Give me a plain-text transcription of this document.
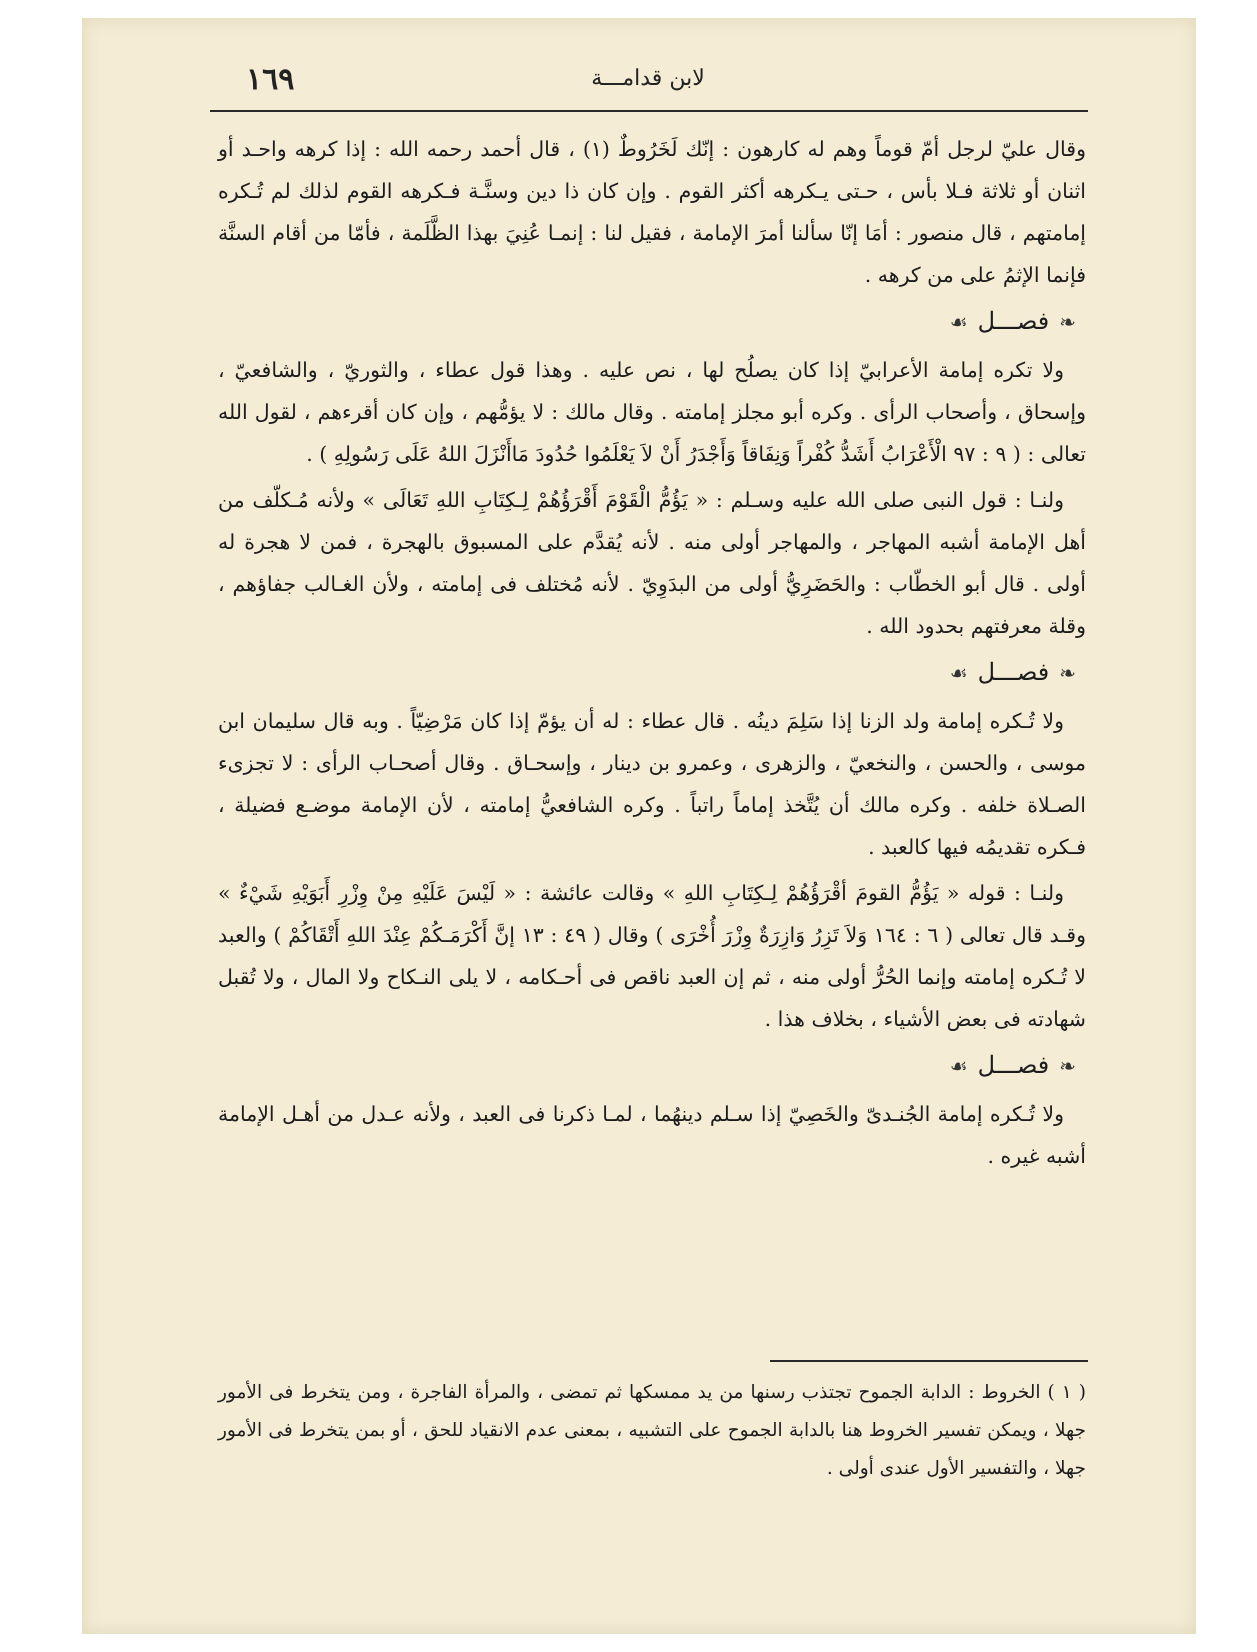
لابن قدامـــة
١٦٩

وقال عليّ لرجل أمّ قوماً وهم له كارهون : إنّك لَخَرُوطٌ (١) ، قال أحمد رحمه الله : إذا كرهه واحـد أو اثنان أو ثلاثة فـلا بأس ، حـتى يـكرهه أكثر القوم . وإن كان ذا دين وسنَّـة فـكرهه القوم لذلك لم تُـكره إمامتهم ، قال منصور : أمَا إنّا سألنا أمرَ الإمامة ، فقيل لنا : إنمـا عُنِيَ بهذا الظَّلَمة ، فأمّا من أقام السنَّة فإنما الإثمُ على من كرهه .

❧فصـــل☙

ولا تكره إمامة الأعرابيّ إذا كان يصلُح لها ، نص عليه . وهذا قول عطاء ، والثوريّ ، والشافعيّ ، وإسحاق ، وأصحاب الرأى . وكره أبو مجلز إمامته . وقال مالك : لا يؤمُّهم ، وإن كان أقرءهم ، لقول الله تعالى : ( ٩ : ٩٧ الْأَعْرَابُ أَشَدُّ كُفْراً وَنِفَاقاً وَأَجْدَرُ أَنْ لاَ يَعْلَمُوا حُدُودَ مَاأَنْزَلَ اللهُ عَلَى رَسُولِهِ ) .

ولنـا : قول النبى صلى الله عليه وسـلم : « يَؤُمُّ الْقَوْمَ أَقْرَؤُهُمْ لِـكِتَابِ اللهِ تَعَالَى » ولأنه مُـكلّف من أهل الإمامة أشبه المهاجر ، والمهاجر أولى منه . لأنه يُقدَّم على المسبوق بالهجرة ، فمن لا هجرة له أولى . قال أبو الخطّاب : والحَضَرِيُّ أولى من البدَوِيّ . لأنه مُختلف فى إمامته ، ولأن الغـالب جفاؤهم ، وقلة معرفتهم بحدود الله .

❧فصـــل☙

ولا تُـكره إمامة ولد الزنا إذا سَلِمَ دينُه . قال عطاء : له أن يؤمّ إذا كان مَرْضِيّاً . وبه قال سليمان ابن موسى ، والحسن ، والنخعيّ ، والزهرى ، وعمرو بن دينار ، وإسحـاق . وقال أصحـاب الرأى : لا تجزىء الصـلاة خلفه . وكره مالك أن يُتَّخذ إماماً راتباً . وكره الشافعيُّ إمامته ، لأن الإمامة موضـع فضيلة ، فـكره تقديمُه فيها كالعبد .

ولنـا : قوله « يَؤُمُّ القومَ أقْرَؤُهُمْ لِـكِتَابِ اللهِ » وقالت عائشة : « لَيْسَ عَلَيْهِ مِنْ وِزْرِ أَبَوَيْهِ شَيْءٌ » وقـد قال تعالى ( ٦ : ١٦٤ وَلاَ تَزِرُ وَازِرَةٌ وِزْرَ أُخْرَى ) وقال ( ٤٩ : ١٣ إنَّ أَكْرَمَـكُمْ عِنْدَ اللهِ أَتْقَاكُمْ ) والعبد لا تُـكره إمامته وإنما الحُرُّ أولى منه ، ثم إن العبد ناقص فى أحـكامه ، لا يلى النـكاح ولا المال ، ولا تُقبل شهادته فى بعض الأشياء ، بخلاف هذا .

❧فصـــل☙

ولا تُـكره إمامة الجُنـدىّ والخَصِيّ إذا سـلم دينهُما ، لمـا ذكرنا فى العبد ، ولأنه عـدل من أهـل الإمامة أشبه غيره .

( ١ ) الخروط : الدابة الجموح تجتذب رسنها من يد ممسكها ثم تمضى ، والمرأة الفاجرة ، ومن يتخرط فى الأمور جهلا ، ويمكن تفسير الخروط هنا بالدابة الجموح على التشبيه ، بمعنى عدم الانقياد للحق ، أو بمن يتخرط فى الأمور جهلا ، والتفسير الأول عندى أولى .
